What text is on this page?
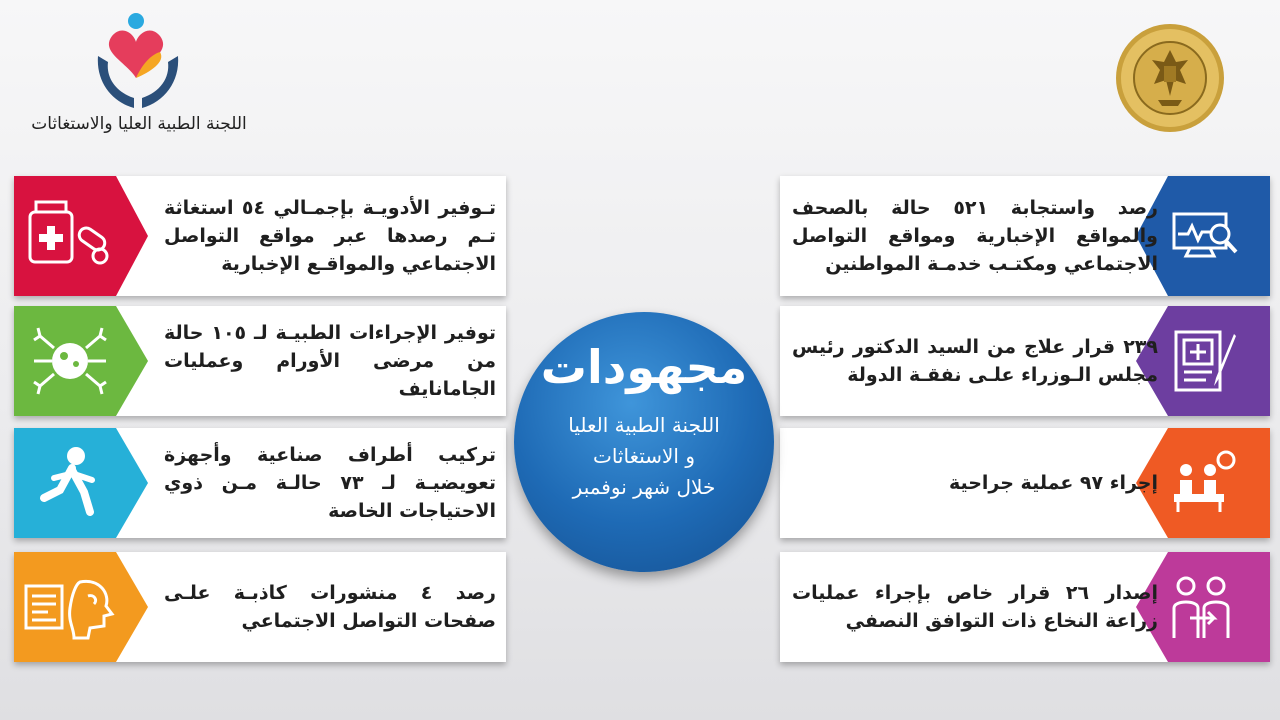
اللجنة الطبية العليا والاستغاثات
تـوفير الأدويـة بإجمـالي ٥٤ استغاثة تـم رصدها عبر مواقع التواصل الاجتماعي والمواقـع الإخبارية
توفير الإجراءات الطبيـة لـ ١٠٥ حالة من مرضى الأورام وعمليات الجامانايف
تركيب أطراف صناعية وأجهزة تعويضيـة لـ ٧٣ حالـة مـن ذوي الاحتياجات الخاصة
رصد ٤ منشورات كاذبـة علـى صفحات التواصل الاجتماعي
رصد واستجابة ٥٢١ حالة بالصحف والمواقع الإخبارية ومواقع التواصل الاجتماعي ومكتـب خدمـة المواطنين
٢٣٩ قرار علاج من السيد الدكتور رئيس مجلس الـوزراء علـى نفقـة الدولة
إجراء ٩٧ عملية جراحية
إصدار ٢٦ قرار خاص بإجراء عمليات زراعة النخاع ذات التوافق النصفي
مجهودات
اللجنة الطبية العليا
و الاستغاثات
خلال شهر نوفمبر
